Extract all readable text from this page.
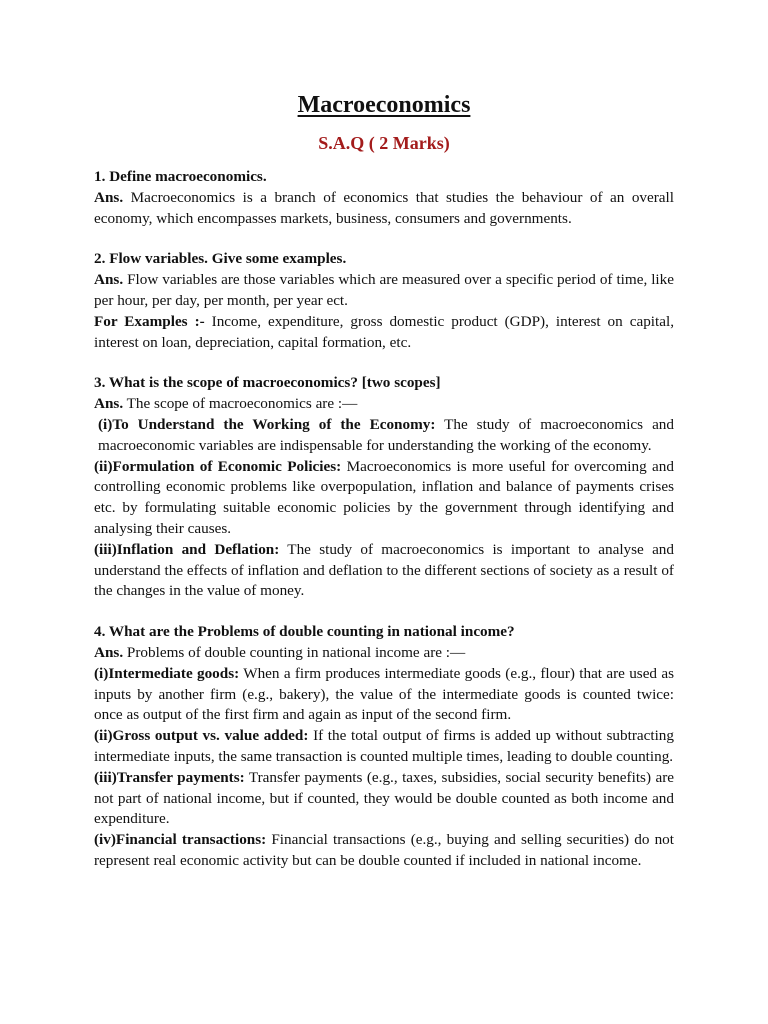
Macroeconomics
S.A.Q ( 2 Marks)

1. Define macroeconomics.

Ans. Macroeconomics is a branch of economics that studies the behaviour of an overall economy, which encompasses markets, business, consumers and governments.

2. Flow variables. Give some examples.

Ans. Flow variables are those variables which are measured over a specific period of time, like per hour, per day, per month, per year ect.

For Examples :- Income, expenditure, gross domestic product (GDP), interest on capital, interest on loan, depreciation, capital formation, etc.

3. What is the scope of macroeconomics? [two scopes]

Ans. The scope of macroeconomics are :—

(i)To Understand the Working of the Economy: The study of macroeconomics and macroeconomic variables are indispensable for understanding the working of the economy.

(ii)Formulation of Economic Policies: Macroeconomics is more useful for overcoming and controlling economic problems like overpopulation, inflation and balance of payments crises etc. by formulating suitable economic policies by the government through identifying and analysing their causes.

(iii)Inflation and Deflation: The study of macroeconomics is important to analyse and understand the effects of inflation and deflation to the different sections of society as a result of the changes in the value of money.

4. What are the Problems of double counting in national income?

Ans. Problems of double counting in national income are :—

(i)Intermediate goods: When a firm produces intermediate goods (e.g., flour) that are used as inputs by another firm (e.g., bakery), the value of the intermediate goods is counted twice: once as output of the first firm and again as input of the second firm.

(ii)Gross output vs. value added: If the total output of firms is added up without subtracting intermediate inputs, the same transaction is counted multiple times, leading to double counting.

(iii)Transfer payments: Transfer payments (e.g., taxes, subsidies, social security benefits) are not part of national income, but if counted, they would be double counted as both income and expenditure.

(iv)Financial transactions: Financial transactions (e.g., buying and selling securities) do not represent real economic activity but can be double counted if included in national income.
